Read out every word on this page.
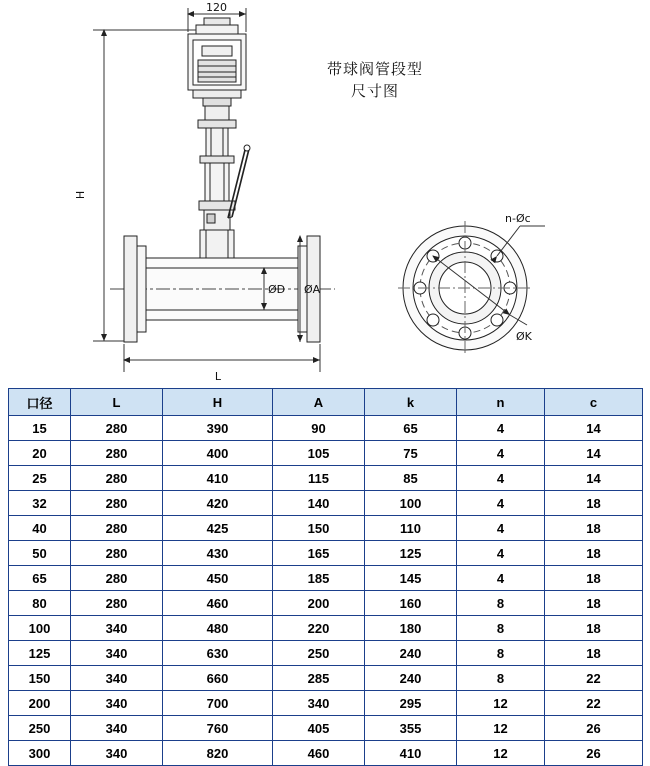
120
H
L
ØD ØA
n-Øc
ØK
带球阀管段型
尺寸图
口径	L	H	A	k	n	c
15	280	390	90	65	4	14
20	280	400	105	75	4	14
25	280	410	115	85	4	14
32	280	420	140	100	4	18
40	280	425	150	110	4	18
50	280	430	165	125	4	18
65	280	450	185	145	4	18
80	280	460	200	160	8	18
100	340	480	220	180	8	18
125	340	630	250	240	8	18
150	340	660	285	240	8	22
200	340	700	340	295	12	22
250	340	760	405	355	12	26
300	340	820	460	410	12	26
